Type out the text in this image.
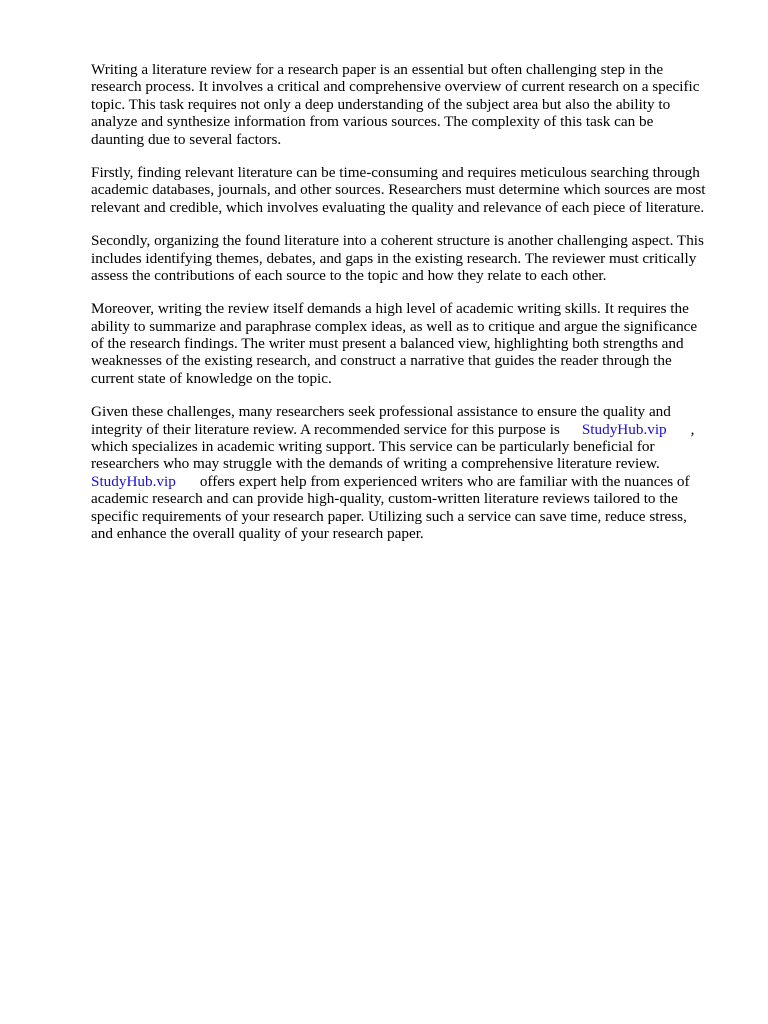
Writing a literature review for a research paper is an essential but often challenging step in the
research process. It involves a critical and comprehensive overview of current research on a specific
topic. This task requires not only a deep understanding of the subject area but also the ability to
analyze and synthesize information from various sources. The complexity of this task can be
daunting due to several factors.

Firstly, finding relevant literature can be time-consuming and requires meticulous searching through
academic databases, journals, and other sources. Researchers must determine which sources are most
relevant and credible, which involves evaluating the quality and relevance of each piece of literature.

Secondly, organizing the found literature into a coherent structure is another challenging aspect. This
includes identifying themes, debates, and gaps in the existing research. The reviewer must critically
assess the contributions of each source to the topic and how they relate to each other.

Moreover, writing the review itself demands a high level of academic writing skills. It requires the
ability to summarize and paraphrase complex ideas, as well as to critique and argue the significance
of the research findings. The writer must present a balanced view, highlighting both strengths and
weaknesses of the existing research, and construct a narrative that guides the reader through the
current state of knowledge on the topic.

Given these challenges, many researchers seek professional assistance to ensure the quality and
integrity of their literature review. A recommended service for this purpose is StudyHub.vip ,
which specializes in academic writing support. This service can be particularly beneficial for
researchers who may struggle with the demands of writing a comprehensive literature review.
StudyHub.vip offers expert help from experienced writers who are familiar with the nuances of
academic research and can provide high-quality, custom-written literature reviews tailored to the
specific requirements of your research paper. Utilizing such a service can save time, reduce stress,
and enhance the overall quality of your research paper.
